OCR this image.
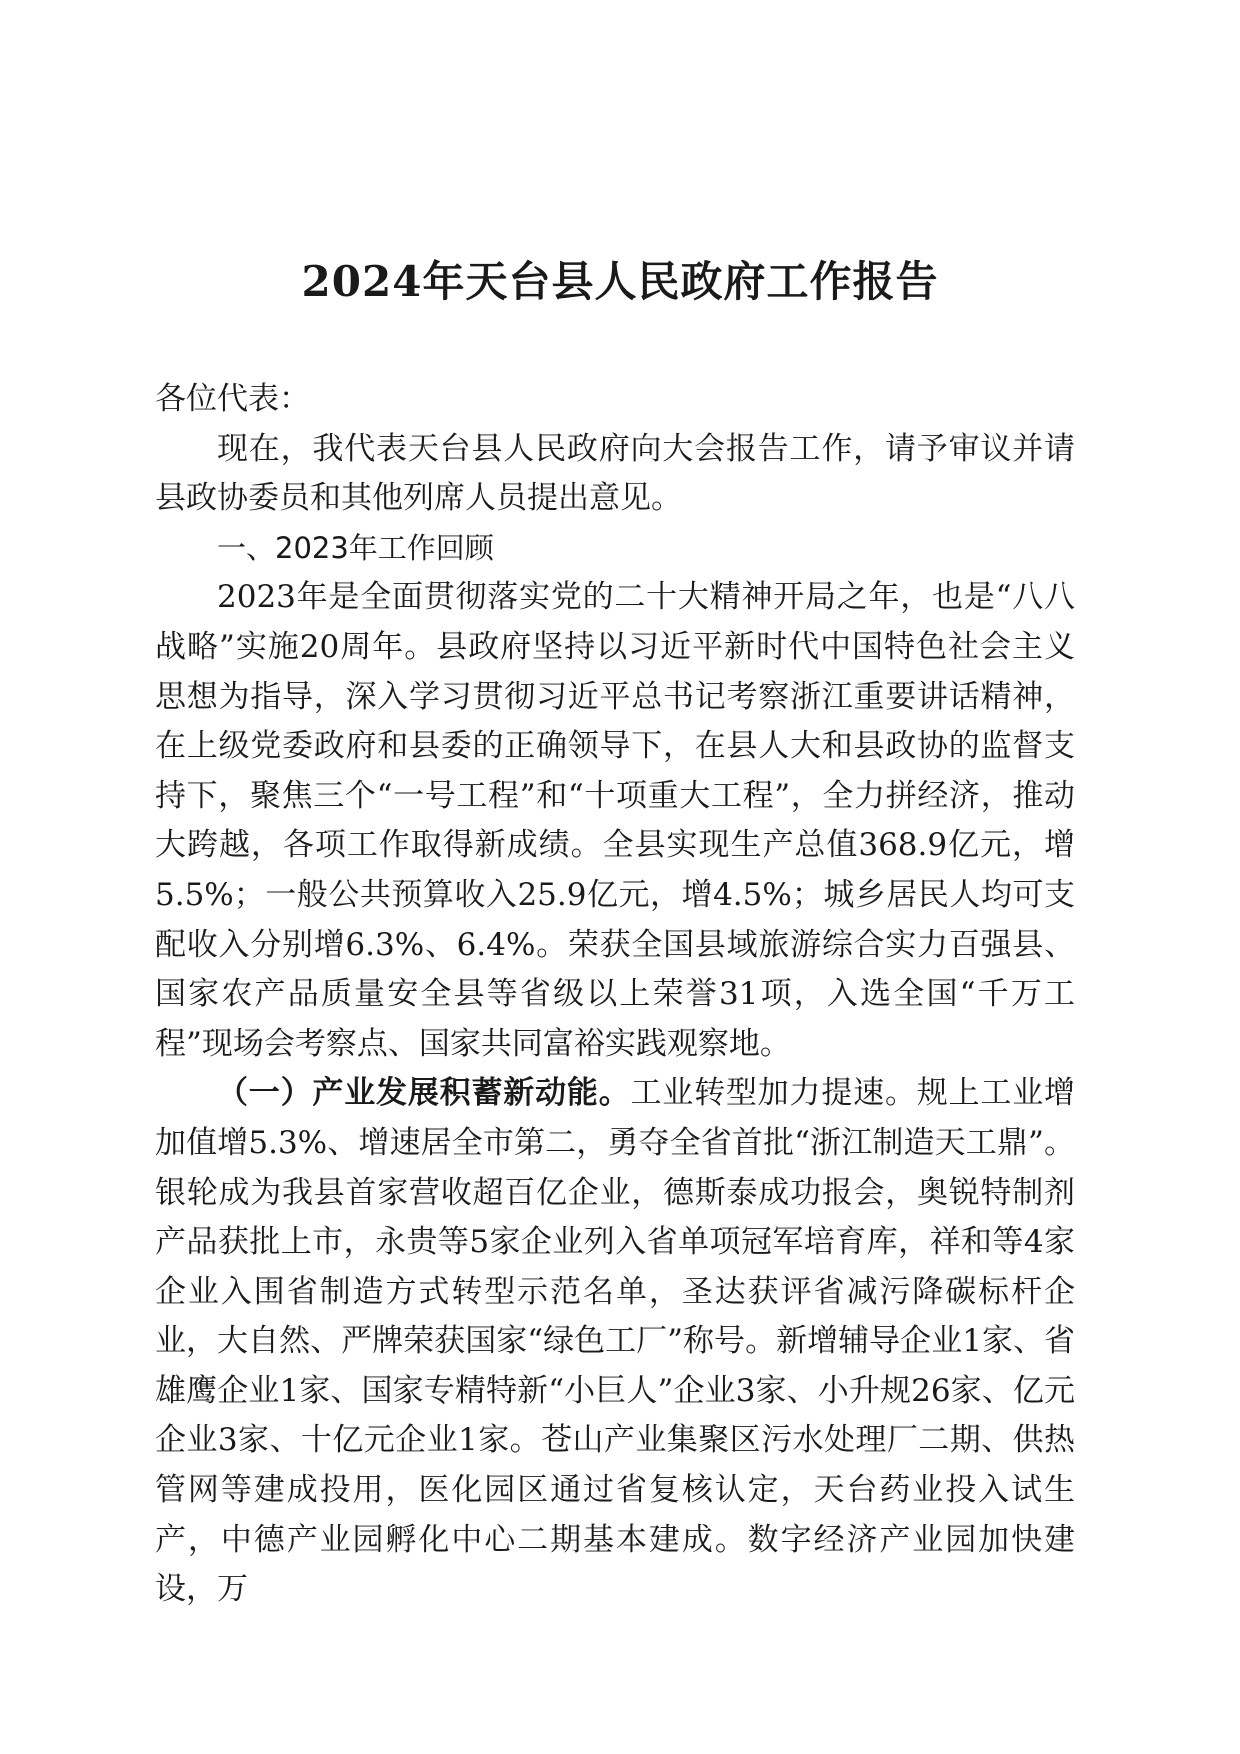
2024年天台县人民政府工作报告

各位代表：

现在，我代表天台县人民政府向大会报告工作，请予审议并请县政协委员和其他列席人员提出意见。

一、2023年工作回顾

2023年是全面贯彻落实党的二十大精神开局之年，也是“八八战略”实施20周年。县政府坚持以习近平新时代中国特色社会主义思想为指导，深入学习贯彻习近平总书记考察浙江重要讲话精神，在上级党委政府和县委的正确领导下，在县人大和县政协的监督支持下，聚焦三个“一号工程”和“十项重大工程”，全力拼经济，推动大跨越，各项工作取得新成绩。全县实现生产总值368.9亿元，增5.5%；一般公共预算收入25.9亿元，增4.5%；城乡居民人均可支配收入分别增6.3%、6.4%。荣获全国县域旅游综合实力百强县、国家农产品质量安全县等省级以上荣誉31项，入选全国“千万工程”现场会考察点、国家共同富裕实践观察地。

（一）产业发展积蓄新动能。工业转型加力提速。规上工业增加值增5.3%、增速居全市第二，勇夺全省首批“浙江制造天工鼎”。银轮成为我县首家营收超百亿企业，德斯泰成功报会，奥锐特制剂产品获批上市，永贵等5家企业列入省单项冠军培育库，祥和等4家企业入围省制造方式转型示范名单，圣达获评省减污降碳标杆企业，大自然、严牌荣获国家“绿色工厂”称号。新增辅导企业1家、省雄鹰企业1家、国家专精特新“小巨人”企业3家、小升规26家、亿元企业3家、十亿元企业1家。苍山产业集聚区污水处理厂二期、供热管网等建成投用，医化园区通过省复核认定，天台药业投入试生产，中德产业园孵化中心二期基本建成。数字经济产业园加快建设，万
